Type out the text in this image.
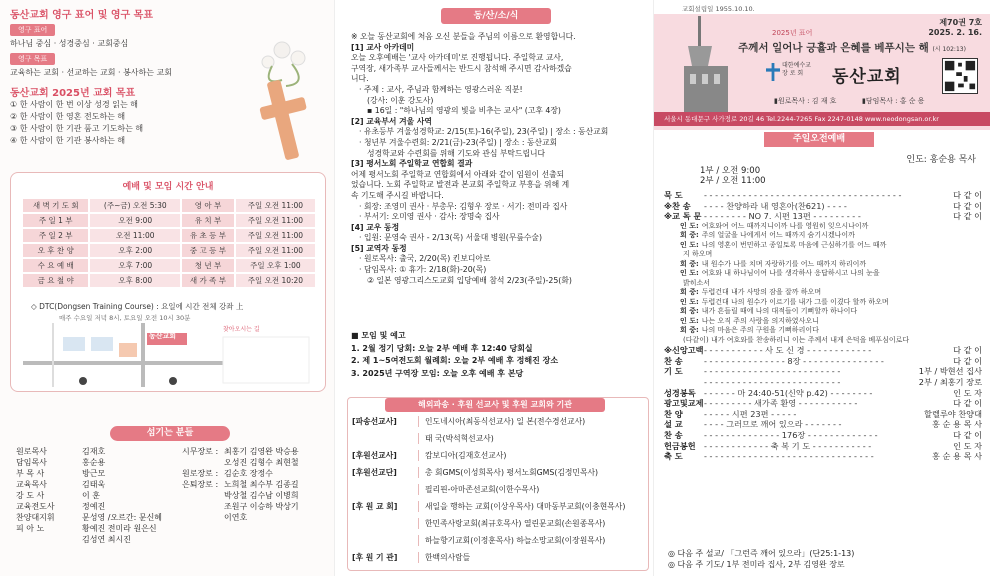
동산교회 영구 표어 및 영구 목표
영구 표어
하나님 중심 · 성경중심 · 교회중심
영구 목표
교육하는 교회 · 선교하는 교회 · 봉사하는 교회
동산교회 2025년 교회 목표
① 한 사람이 한 번 이상 성경 읽는 해
② 한 사람이 한 영혼 전도하는 해
③ 한 사람이 한 기관 품고 기도하는 해
④ 한 사람이 한 기관 봉사하는 해
예배 및 모임 시간 안내
새 벽 기 도 회	(주~금) 오전 5:30	영 아 부	주일 오전 11:00
주 일 1 부	오전 9:00	유 치 부	주일 오전 11:00
주 일 2 부	오전 11:00	유 초 등 부	주일 오전 11:00
오 후 찬 양	오후 2:00	중 고 등 부	주일 오전 11:00
수 요 예 배	오후 7:00	청 년 부	주일 오후 1:00
금 요 철 야	오후 8:00	새 가 족 부	주일 오전 10:20
◇ DTC(Dongsen Training Course) : 요일에 시간 전체 강좌 上
매주 수요일 저녁 8시, 토요일 오전 10시 30분
찾아오시는 길
동산교회
섬기는 분들
원로목사	김재호
담임목사	홍순용
부 목 사	방근모
교육목사	김태욱
강 도 사	이 훈
교육전도사	정예진
찬양대지휘	문성영 /오르간: 문신혜
피 아 노	황예진 전미라 원은신
김성연 최시진
시무장로 : 최홍기 김영완 박승용
오성진 김형수 최현철
원로장로 : 김순호 장정수
은퇴장로 : 노희철 최수부 김종길
박상철 김수남 이병희
조원구 이승하 박상기
이연호
동/산/소/식
※ 오늘 동산교회에 처음 오신 분들을 주님의 이름으로 환영합니다.
[1] 교사 아카데미
오늘 오후예배는 '교사 아카데미'로 진행됩니다. 주일학교 교사,
구역장, 새가족부 교사들께서는 반드시 참석해 주시면 감사하겠습
니다.
· 주제 : 교사, 주님과 함께하는 영광스러운 직분!
(강사: 이훈 강도사)
▪ 16일 : "하나님의 영광의 빛을 비추는 교사" (고후 4장)
[2] 교육부서 겨울 사역
· 유초등부 겨울성경학교: 2/15(토)-16(주일), 23(주일) | 장소 : 동산교회
· 청년부 겨울수련회: 2/21(금)-23(주일) | 장소 : 동산교회
성경학교와 수련회를 위해 기도와 관심 부탁드립니다
[3] 평서노회 주일학교 연합회 결과
어제 평서노회 주일학교 연합회에서 아래와 같이 임원이 선출되
었습니다. 노회 주일학교 발전과 본교회 주일학교 부흥을 위해 계
속 기도해 주시길 바랍니다.
· 회장: 조영미 권사 · 부총무: 김형우 장로 · 서기: 전미라 집사
· 부서기: 오미영 권사 · 감사: 장명숙 집사
[4] 교우 동정
· 입원: 문영숙 권사 - 2/13(목) 서울대 병원(무릎수술)
[5] 교역자 동정
· 원로목사: 출국, 2/20(목) 킨보디아로
· 담임목사: ① 휴가: 2/18(화)-20(목)
② 일본 영광그리스도교회 입당예배 참석 2/23(주일)-25(화)
■ 모임 및 예고
1. 2월 정기 당회: 오늘 2부 예배 후 12:40 당회실
2. 제 1~5여전도회 월례회: 오늘 2부 예배 후 정해진 장소
3. 2025년 구역장 모임: 오늘 오후 예배 후 본당
해외파송 · 후원 선교사 및 후원 교회와 기관
[파송선교사]	인도네시아(최동식선교사) 일 본(전수경선교사)
태 국(박석혁선교사)
[후원선교사]	캄보디아(김재호선교사)
[후원선교단]	총 회GMS(이성희목사) 평서노회GMS(김정민목사)
필리핀-아마존선교회(이한수목사)
[후 원 교 회]	새일을 행하는 교회(이상우목사) 대마동부교회(이충현목사)
한민족사랑교회(최규호목사) 열린문교회(손원종목사)
하늘향기교회(이정훈목사) 하늘소망교회(이장원목사)
[후 원 기 관]	한백의사람들
교회설립일 1955.10.10.
2025년 표어
제70권 7호
2025. 2. 16.
주께서 일어나 긍휼과 은혜를 베푸시는 해 (시 102:13)
대한예수교
장 로 회	동산교회
▮원로목사 : 김 재 호	▮담임목사 : 홍 순 용
서울시 동대문구 사가정로 20길 46 Tel.2244-7265 Fax 2247-0148 www.neodongsan.or.kr
주일오전예배
인도: 홍순용 목사
1부 / 오전 9:00
2부 / 오전 11:00
묵 도	- - - - - - - - - - - - - - - - - - - - - - - - - - - - - - - - - - - -	다 같 이
※찬 송	- - - - 찬양하라 내 영혼아(찬621) - - - -	다 같 이
※교 독 문 - - - - - - - - NO 7. 시편 13편 - - - - - - - - -	다 같 이
인 도: 여호와여 어느 때까지니이까 나를 영원히 잊으시나이까
회 중: 주의 얼굴을 나에게서 어느 때까지 숨기시겠나이까
인 도: 나의 영혼이 번민하고 종일토록 마음에 근심하기를 어느 때까
지 하오며
회 중: 내 원수가 나를 치며 자랑하기를 어느 때까지 하리이까
인 도: 여호와 내 하나님이여 나를 생각하사 응답하시고 나의 눈을
밝히소서
회 중: 두렵건대 내가 사망의 잠을 잘까 하오며
인 도: 두렵건대 나의 원수가 이르기를 내가 그를 이겼다 할까 하오며
회 중: 내가 흔들릴 때에 나의 대적들이 기뻐할까 하나이다
인 도: 나는 오직 주의 사랑을 의지하였사오니
회 중: 나의 마음은 주의 구원을 기뻐하리이다
(다같이) 내가 여호와를 찬송하리니 이는 주께서 내게 은덕을 베푸심이로다
※신앙고백 - - - - - - - - - - - 사 도 신 경 - - - - - - - - - - - -	다 같 이
찬 송	- - - - - - - - - - - - - - - 8장 - - - - - - - - - - - - - - -	다 같 이
기 도	- - - - - - - - - - - - - - - - - - - - - - - - -	1부 / 박현선 집사
- - - - - - - - - - - - - - - - - - - - - - - - -	2부 / 최홍기 장로
성경봉독	- - - - - - 마 24:40-51(신약 p.42) - - - - - - - -	인 도 자
광고및교제 - - - - - - - - - 새가족 환영 - - - - - - - - - - -	다 같 이
찬 양	- - - - - 시편 23편 - - - - -	할렐루야 찬양대
설 교	- - - - 그러므로 깨어 있으라 - - - - - - -	홍 순 용 목 사
찬 송	- - - - - - - - - - - - - - 176장 - - - - - - - - - - - - -	다 같 이
헌금봉헌	- - - - - - - - - - - - 축 복 기 도 - - - - - - - - - - -	인 도 자
축 도	- - - - - - - - - - - - - - - - - - - - - - - - - - - - - - -	홍 순 용 목 사
◎ 다음 주 설교/ 「그런즉 깨어 있으라」(단25:1-13)
◎ 다음 주 기도/ 1부 전미라 집사, 2부 김영완 장로
